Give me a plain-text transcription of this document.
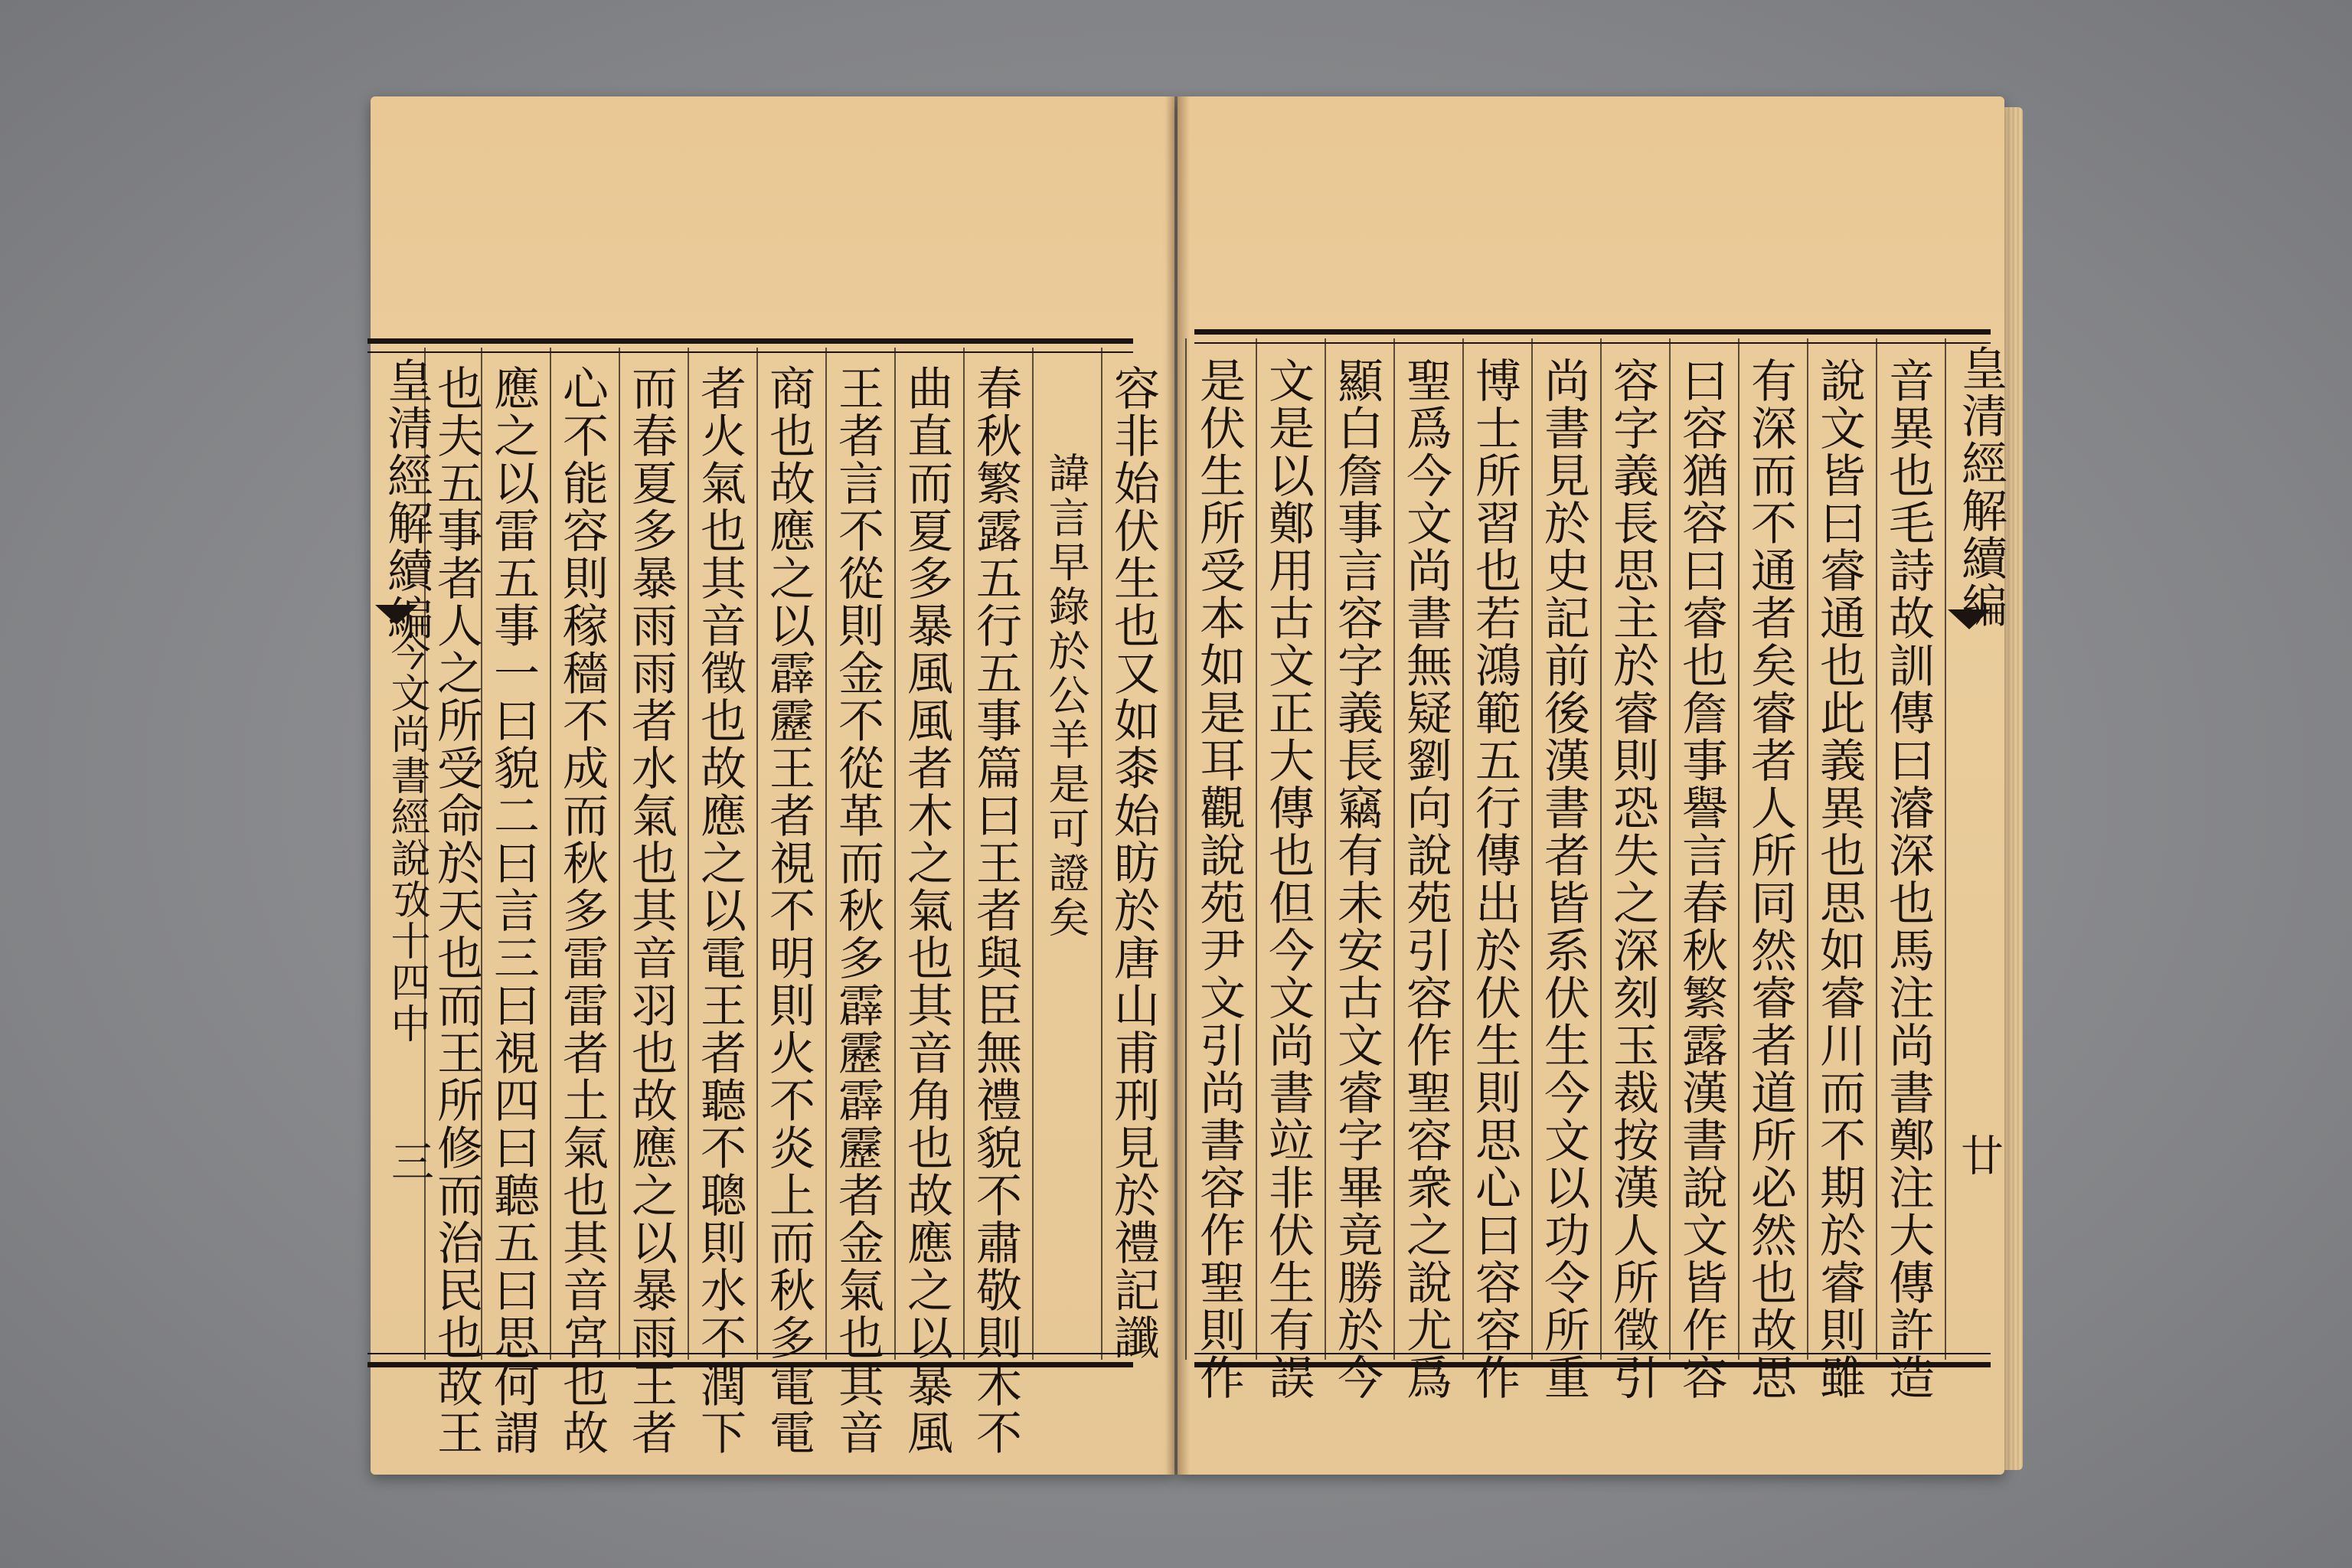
皇清經解續編
今文尚書經說攷十四中
三	容非始伏生也又如桼始眆於唐山甫刑見於禮記讖
諱言早錄於公羊是可證矣
春秋繁露五行五事篇曰王者與臣無禮貌不肅敬則木不
曲直而夏多暴風風者木之氣也其音角也故應之以暴風
王者言不從則金不從革而秋多霹靂霹靂者金氣也其音
商也故應之以霹靂王者視不明則火不炎上而秋多電電
者火氣也其音徵也故應之以電王者聽不聰則水不潤下
而春夏多暴雨雨者水氣也其音羽也故應之以暴雨王者
心不能容則稼穡不成而秋多雷雷者土氣也其音宮也故
應之以雷五事一曰貌二曰言三曰視四曰聽五曰思何謂
也夫五事者人之所受命於天也而王所修而治民也故王	音異也毛詩故訓傳曰濬深也馬注尚書鄭注大傳許造
說文皆曰睿通也此義異也思如睿川而不期於睿則雖
有深而不通者矣睿者人所同然睿者道所必然也故思
曰容猶容曰睿也詹事譽言春秋繁露漢書說文皆作容
容字義長思主於睿則恐失之深刻玉裁按漢人所徵引
尚書見於史記前後漢書者皆系伏生今文以功令所重
博士所習也若鴻範五行傳出於伏生則思心曰容容作
聖爲今文尚書無疑劉向說苑引容作聖容衆之說尤爲
顯白詹事言容字義長竊有未安古文睿字畢竟勝於今
文是以鄭用古文正大傳也但今文尚書竝非伏生有誤
是伏生所受本如是耳觀說苑尹文引尚書容作聖則作	皇清經解續編
廿
